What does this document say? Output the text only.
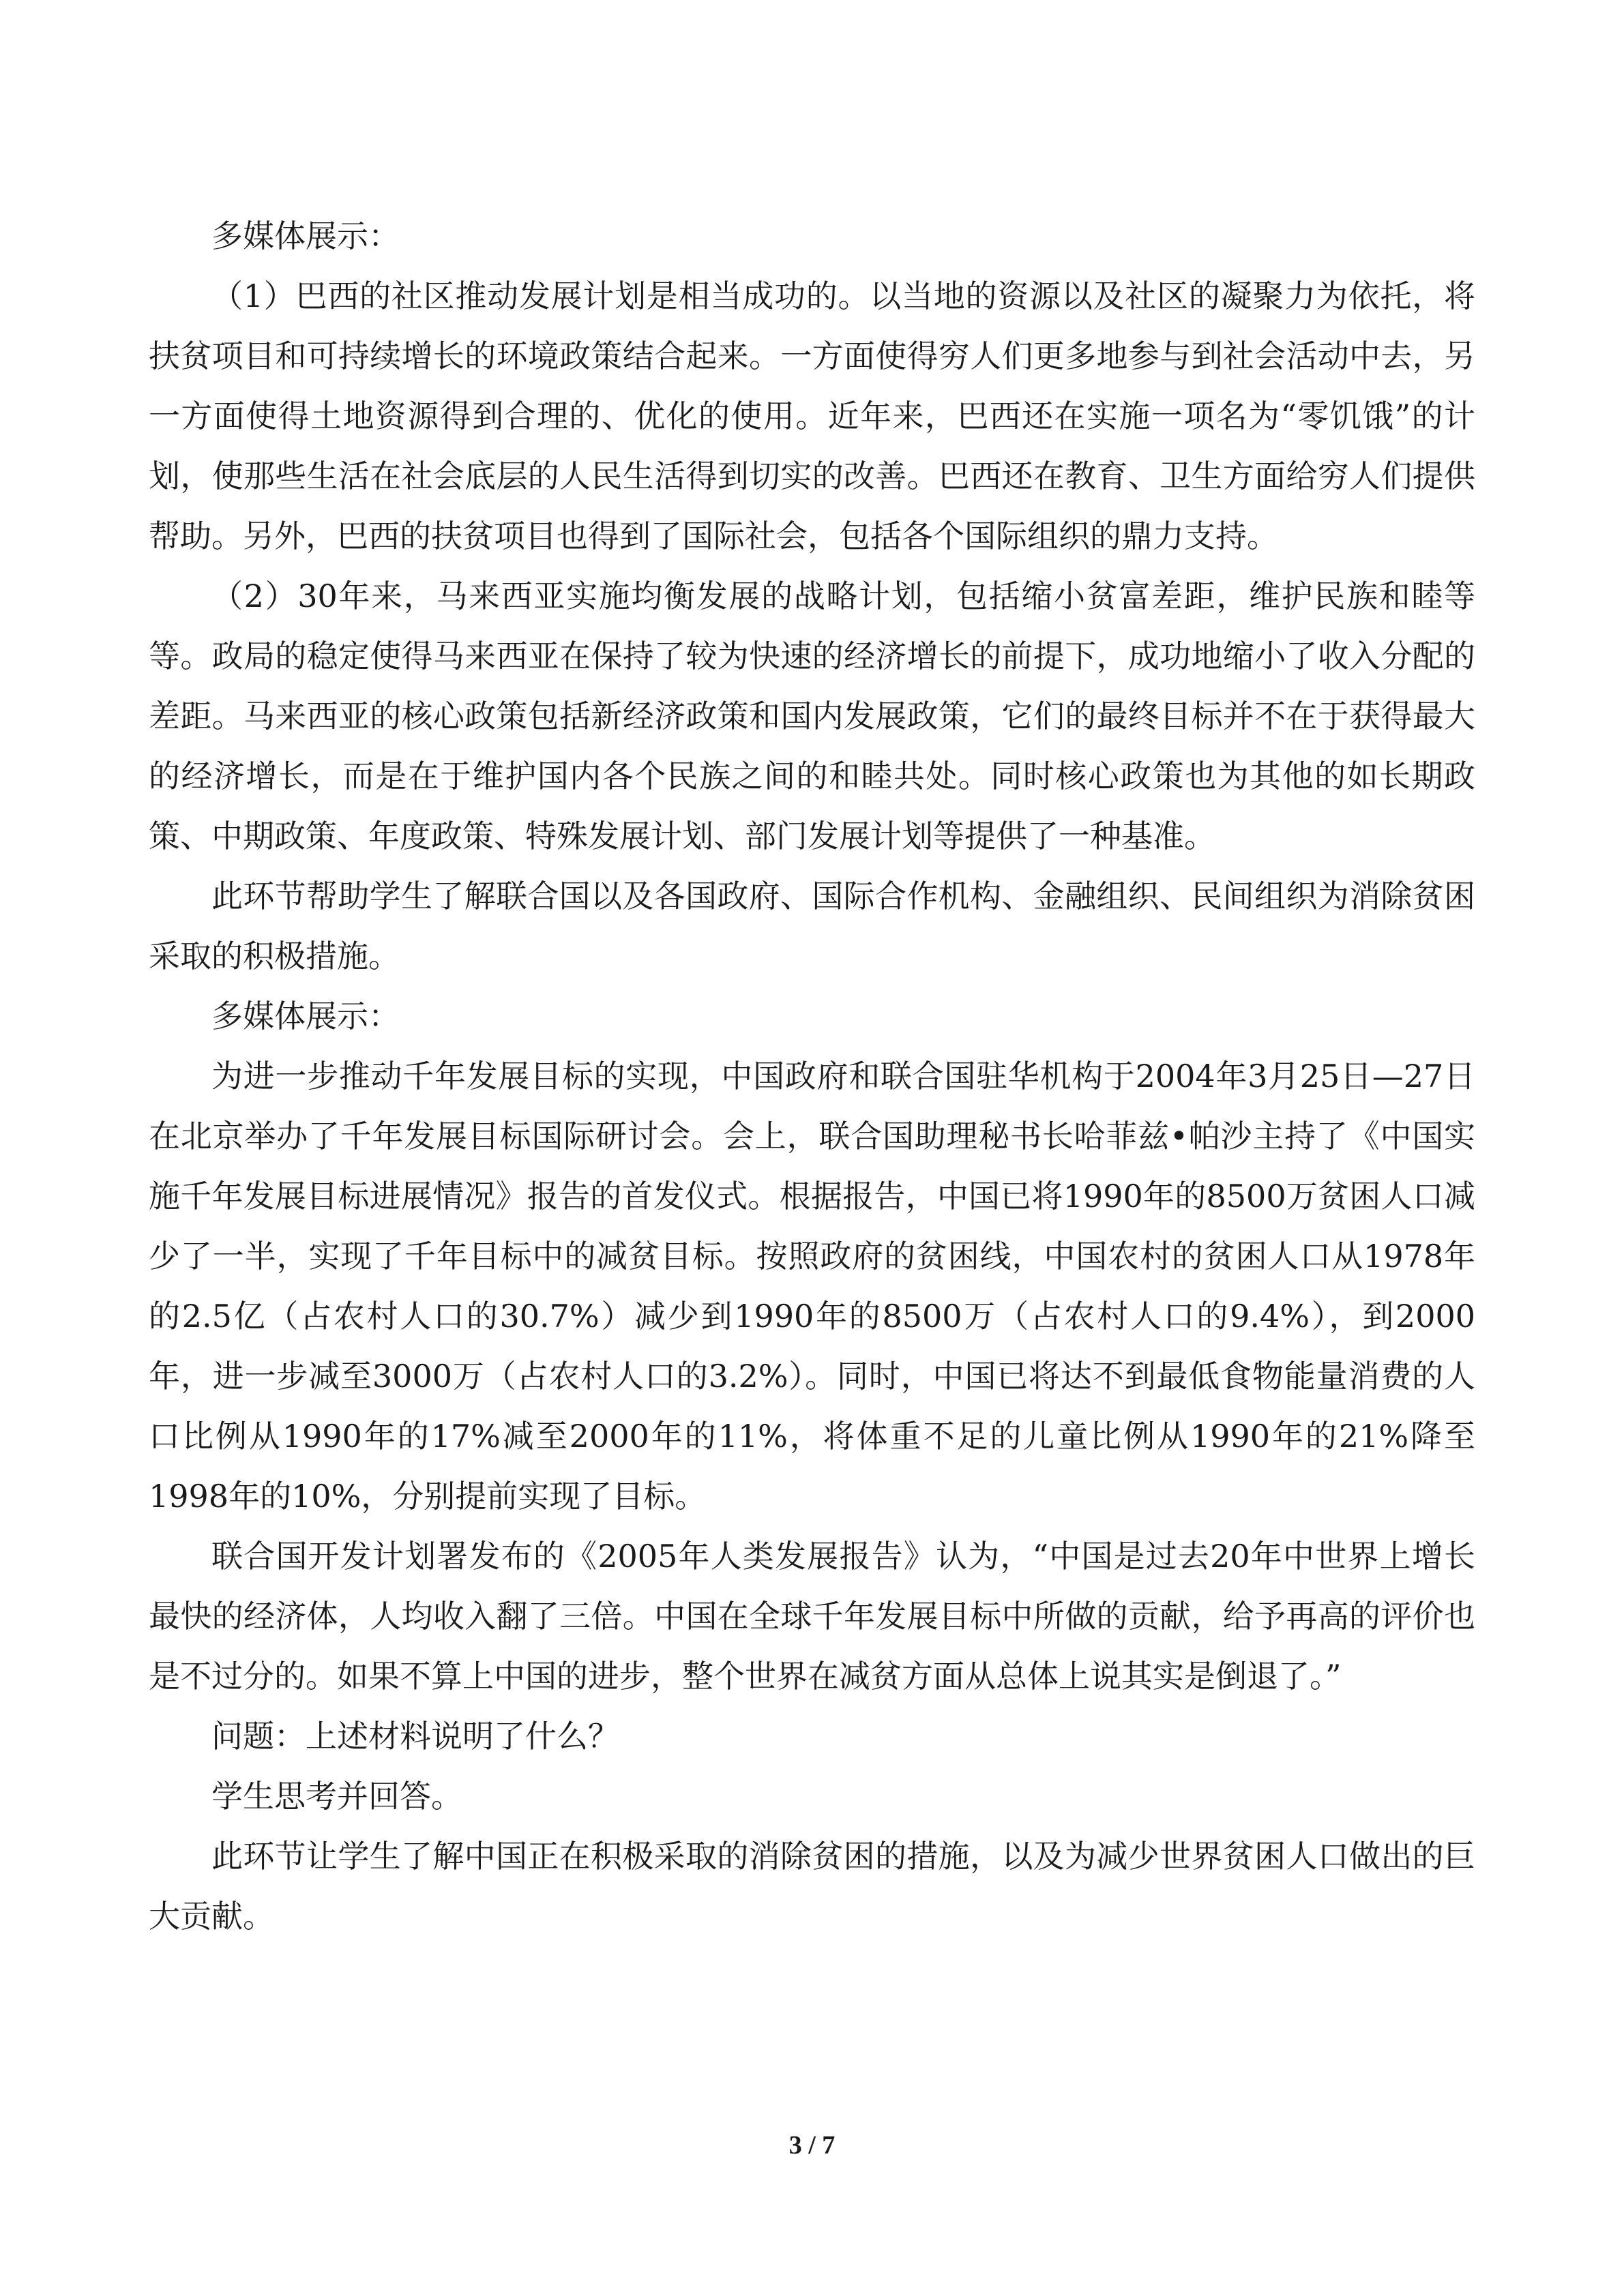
多媒体展示：

（1）巴西的社区推动发展计划是相当成功的。以当地的资源以及社区的凝聚力为依托，将扶贫项目和可持续增长的环境政策结合起来。一方面使得穷人们更多地参与到社会活动中去，另一方面使得土地资源得到合理的、优化的使用。近年来，巴西还在实施一项名为“零饥饿”的计划，使那些生活在社会底层的人民生活得到切实的改善。巴西还在教育、卫生方面给穷人们提供帮助。另外，巴西的扶贫项目也得到了国际社会，包括各个国际组织的鼎力支持。

（2）30年来，马来西亚实施均衡发展的战略计划，包括缩小贫富差距，维护民族和睦等等。政局的稳定使得马来西亚在保持了较为快速的经济增长的前提下，成功地缩小了收入分配的差距。马来西亚的核心政策包括新经济政策和国内发展政策，它们的最终目标并不在于获得最大的经济增长，而是在于维护国内各个民族之间的和睦共处。同时核心政策也为其他的如长期政策、中期政策、年度政策、特殊发展计划、部门发展计划等提供了一种基准。

此环节帮助学生了解联合国以及各国政府、国际合作机构、金融组织、民间组织为消除贫困采取的积极措施。

多媒体展示：

为进一步推动千年发展目标的实现，中国政府和联合国驻华机构于2004年3月25日—27日在北京举办了千年发展目标国际研讨会。会上，联合国助理秘书长哈菲兹•帕沙主持了《中国实施千年发展目标进展情况》报告的首发仪式。根据报告，中国已将1990年的8500万贫困人口减少了一半，实现了千年目标中的减贫目标。按照政府的贫困线，中国农村的贫困人口从1978年的2.5亿（占农村人口的30.7%）减少到1990年的8500万（占农村人口的9.4%），到2000年，进一步减至3000万（占农村人口的3.2%）。同时，中国已将达不到最低食物能量消费的人口比例从1990年的17%减至2000年的11%，将体重不足的儿童比例从1990年的21%降至1998年的10%，分别提前实现了目标。

联合国开发计划署发布的《2005年人类发展报告》认为，“中国是过去20年中世界上增长最快的经济体，人均收入翻了三倍。中国在全球千年发展目标中所做的贡献，给予再高的评价也是不过分的。如果不算上中国的进步，整个世界在减贫方面从总体上说其实是倒退了。”

问题：上述材料说明了什么？

学生思考并回答。

此环节让学生了解中国正在积极采取的消除贫困的措施，以及为减少世界贫困人口做出的巨大贡献。

3 / 7
